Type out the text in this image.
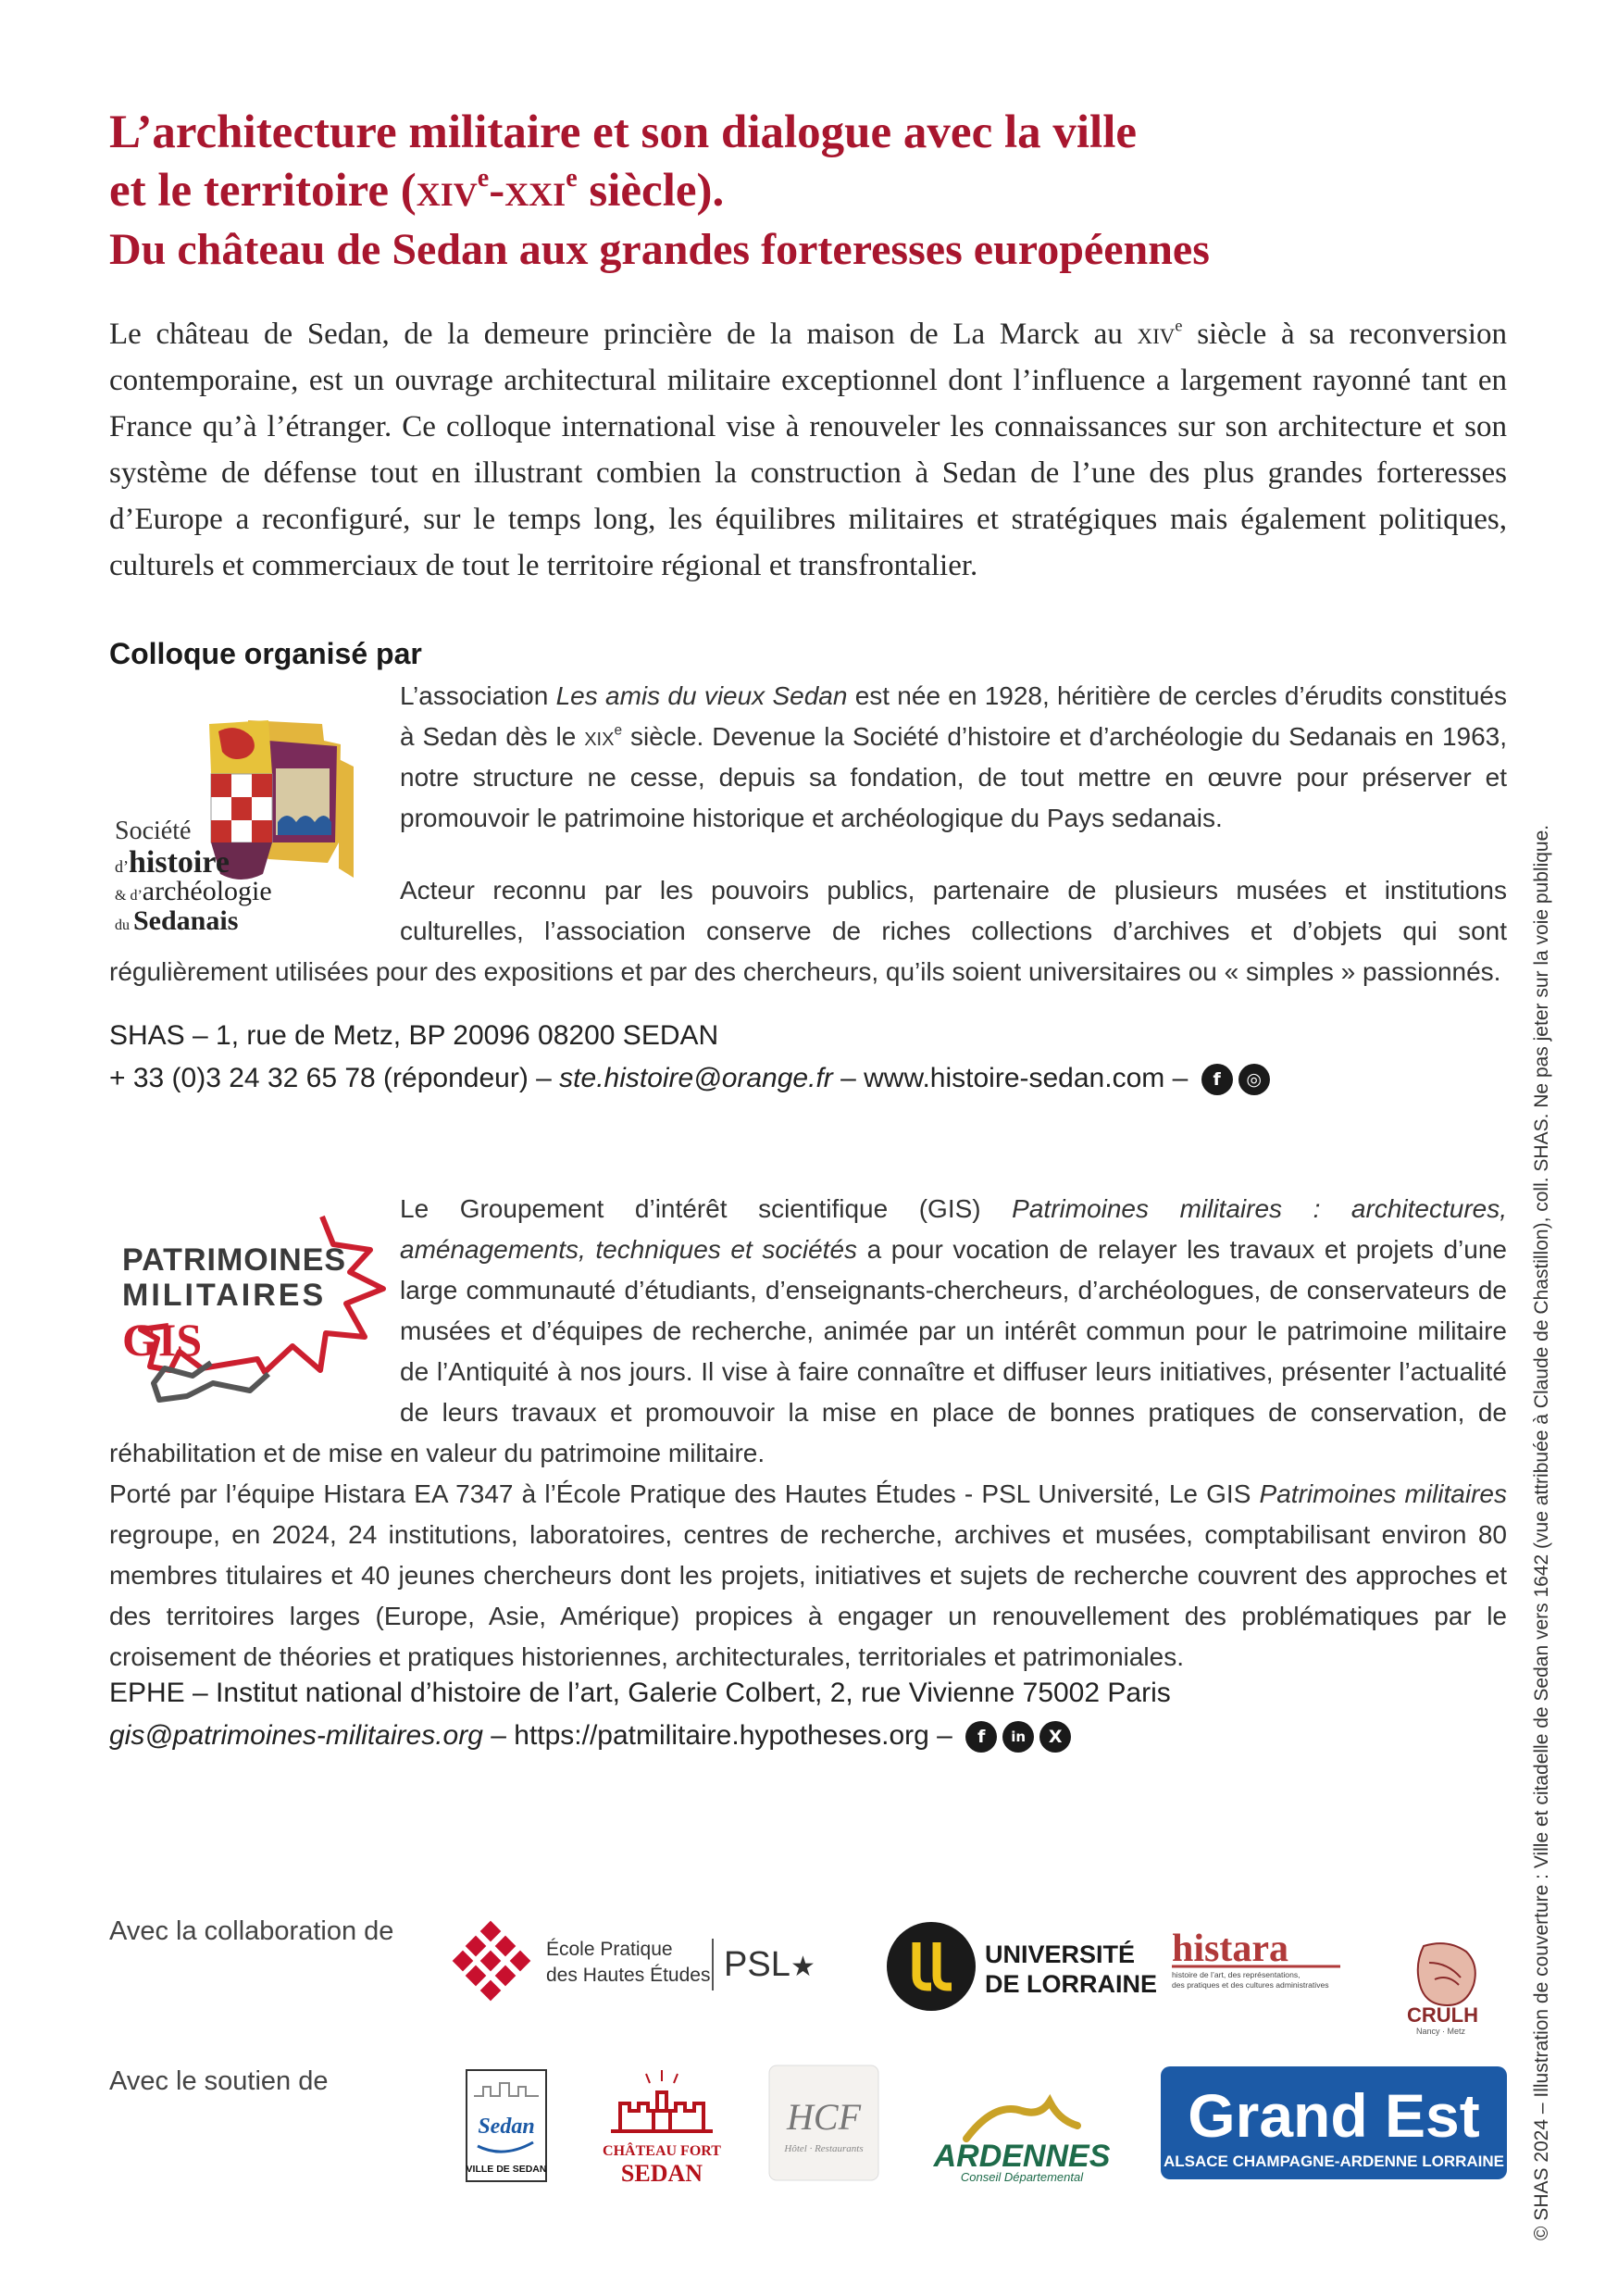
L’architecture militaire et son dialogue avec la ville
et le territoire (xiv$^e$-xxi$^e$ siècle).
Du château de Sedan aux grandes forteresses européennes

Le château de Sedan, de la demeure princière de la maison de La Marck au xiv$^e$ siècle à sa reconversion contemporaine, est un ouvrage architectural militaire exceptionnel dont l’influence a largement rayonné tant en France qu’à l’étranger. Ce colloque international vise à renouveler les connaissances sur son architecture et son système de défense tout en illustrant combien la construction à Sedan de l’une des plus grandes forteresses d’Europe a reconfiguré, sur le temps long, les équilibres militaires et stratégiques mais également politiques, culturels et commerciaux de tout le territoire régional et transfrontalier.

Colloque organisé par
Société
d’histoire
& d’archéologie
du Sedanais

L’association Les amis du vieux Sedan est née en 1928, héritière de cercles d’érudits constitués à Sedan dès le xix$^e$ siècle. Devenue la Société d’histoire et d’archéologie du Sedanais en 1963, notre structure ne cesse, depuis sa fondation, de tout mettre en œuvre pour préserver et promouvoir le patrimoine historique et archéologique du Pays sedanais.

Acteur reconnu par les pouvoirs publics, partenaire de plusieurs musées et institutions culturelles, l’association conserve de riches collections d’archives et d’objets qui sont régulièrement utilisées pour des expositions et par des chercheurs, qu’ils soient universitaires ou « simples » passionnés.

SHAS – 1, rue de Metz, BP 20096 08200 SEDAN
+ 33 (0)3 24 32 65 78 (répondeur) – ste.histoire@orange.fr – www.histoire-sedan.com – f ◎
PATRIMOINES
MILITAIRES
GIS

Le Groupement d’intérêt scientifique (GIS) Patrimoines militaires : architectures, aménagements, techniques et sociétés a pour vocation de relayer les travaux et projets d’une large communauté d’étudiants, d’enseignants-chercheurs, d’archéologues, de conservateurs de musées et d’équipes de recherche, animée par un intérêt commun pour le patrimoine militaire de l’Antiquité à nos jours. Il vise à faire connaître et diffuser leurs initiatives, présenter l’actualité de leurs travaux et promouvoir la mise en place de bonnes pratiques de conservation, de réhabilitation et de mise en valeur du patrimoine militaire.

Porté par l’équipe Histara EA 7347 à l’École Pratique des Hautes Études - PSL Université, Le GIS Patrimoines militaires regroupe, en 2024, 24 institutions, laboratoires, centres de recherche, archives et musées, comptabilisant environ 80 membres titulaires et 40 jeunes chercheurs dont les projets, initiatives et sujets de recherche couvrent des approches et des territoires larges (Europe, Asie, Amérique) propices à engager un renouvellement des problématiques par le croisement de théories et pratiques historiennes, architecturales, territoriales et patrimoniales.

EPHE – Institut national d’histoire de l’art, Galerie Colbert, 2, rue Vivienne 75002 Paris
gis@patrimoines-militaires.org – https://patmilitaire.hypotheses.org – f in X
Avec la collaboration de
École Pratique
des Hautes Études PSL ★	UNIVERSITÉ
DE LORRAINE
histara
histoire de l’art, des représentations,
des pratiques et des cultures administratives
CRULH
Nancy · Metz
Avec le soutien de
Sedan
VILLE DE SEDAN
CHÂTEAU FORT
SEDAN
HCF
Hôtel · Restaurants ARDENNES
Conseil Départemental
Grand Est
ALSACE CHAMPAGNE-ARDENNE LORRAINE © SHAS 2024 – Illustration de couverture : Ville et citadelle de Sedan vers 1642 (vue attribuée à Claude de Chastillon), coll. SHAS. Ne pas jeter sur la voie publique.
